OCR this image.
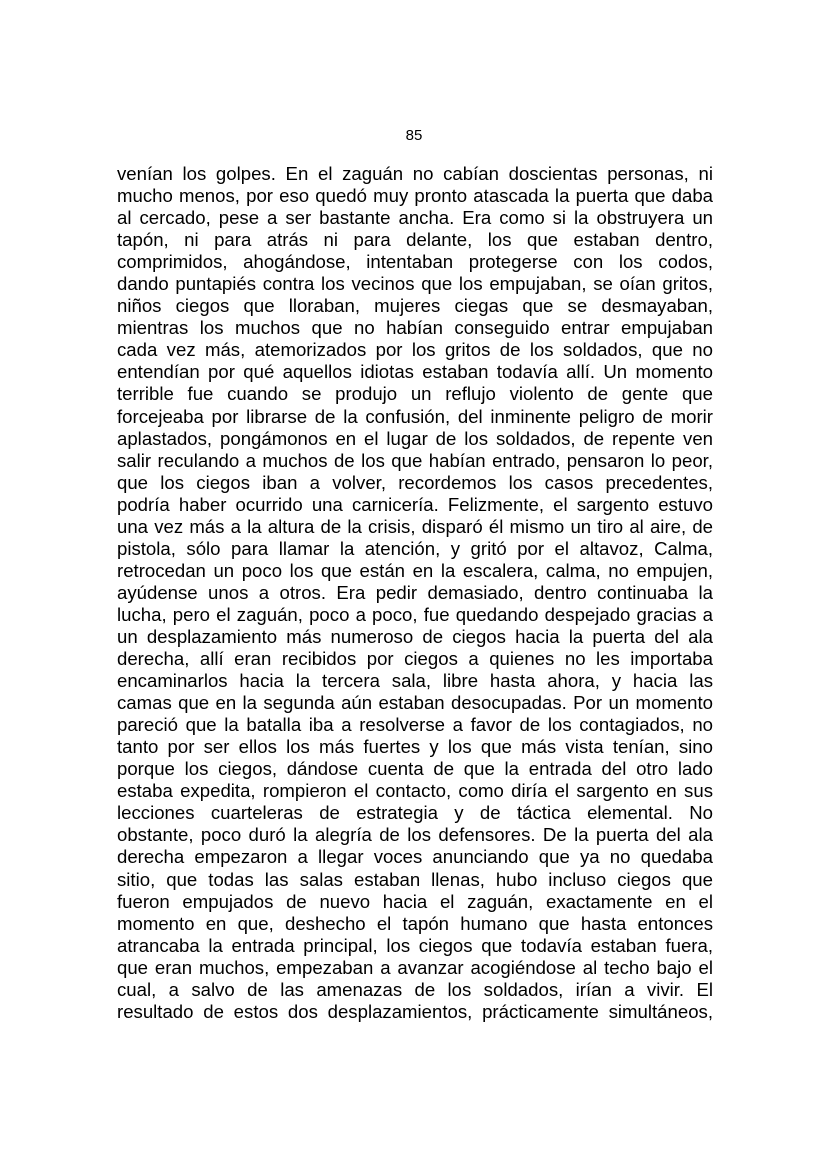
85
venían los golpes. En el zaguán no cabían doscientas personas, ni
mucho menos, por eso quedó muy pronto atascada la puerta que daba
al cercado, pese a ser bastante ancha. Era como si la obstruyera un
tapón, ni para atrás ni para delante, los que estaban dentro,
comprimidos, ahogándose, intentaban protegerse con los codos,
dando puntapiés contra los vecinos que los empujaban, se oían gritos,
niños ciegos que lloraban, mujeres ciegas que se desmayaban,
mientras los muchos que no habían conseguido entrar empujaban
cada vez más, atemorizados por los gritos de los soldados, que no
entendían por qué aquellos idiotas estaban todavía allí. Un momento
terrible fue cuando se produjo un reflujo violento de gente que
forcejeaba por librarse de la confusión, del inminente peligro de morir
aplastados, pongámonos en el lugar de los soldados, de repente ven
salir reculando a muchos de los que habían entrado, pensaron lo peor,
que los ciegos iban a volver, recordemos los casos precedentes,
podría haber ocurrido una carnicería. Felizmente, el sargento estuvo
una vez más a la altura de la crisis, disparó él mismo un tiro al aire, de
pistola, sólo para llamar la atención, y gritó por el altavoz, Calma,
retrocedan un poco los que están en la escalera, calma, no empujen,
ayúdense unos a otros. Era pedir demasiado, dentro continuaba la
lucha, pero el zaguán, poco a poco, fue quedando despejado gracias a
un desplazamiento más numeroso de ciegos hacia la puerta del ala
derecha, allí eran recibidos por ciegos a quienes no les importaba
encaminarlos hacia la tercera sala, libre hasta ahora, y hacia las
camas que en la segunda aún estaban desocupadas. Por un momento
pareció que la batalla iba a resolverse a favor de los contagiados, no
tanto por ser ellos los más fuertes y los que más vista tenían, sino
porque los ciegos, dándose cuenta de que la entrada del otro lado
estaba expedita, rompieron el contacto, como diría el sargento en sus
lecciones cuarteleras de estrategia y de táctica elemental. No
obstante, poco duró la alegría de los defensores. De la puerta del ala
derecha empezaron a llegar voces anunciando que ya no quedaba
sitio, que todas las salas estaban llenas, hubo incluso ciegos que
fueron empujados de nuevo hacia el zaguán, exactamente en el
momento en que, deshecho el tapón humano que hasta entonces
atrancaba la entrada principal, los ciegos que todavía estaban fuera,
que eran muchos, empezaban a avanzar acogiéndose al techo bajo el
cual, a salvo de las amenazas de los soldados, irían a vivir. El
resultado de estos dos desplazamientos, prácticamente simultáneos,
